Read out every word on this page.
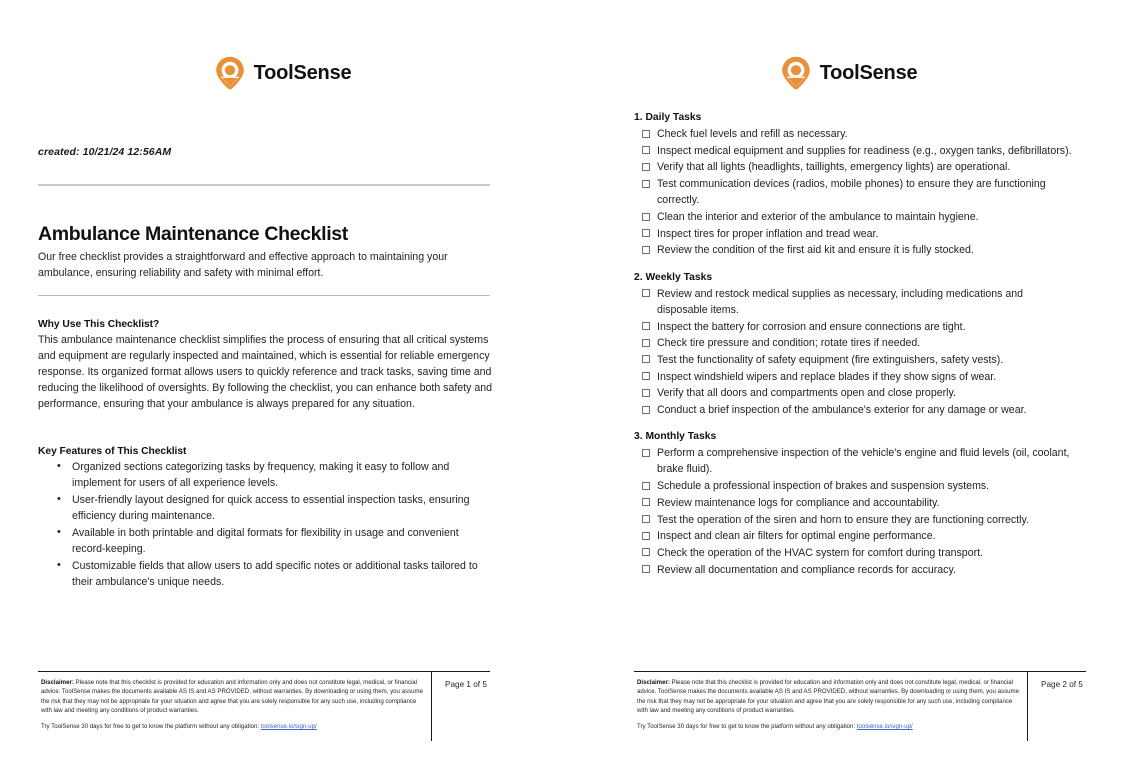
ToolSense
created: 10/21/24 12:56AM
Ambulance Maintenance Checklist

Our free checklist provides a straightforward and effective approach to maintaining your ambulance, ensuring reliability and safety with minimal effort.

Why Use This Checklist?

This ambulance maintenance checklist simplifies the process of ensuring that all critical systems and equipment are regularly inspected and maintained, which is essential for reliable emergency response. Its organized format allows users to quickly reference and track tasks, saving time and reducing the likelihood of oversights. By following the checklist, you can enhance both safety and performance, ensuring that your ambulance is always prepared for any situation.

Key Features of This Checklist
• Organized sections categorizing tasks by frequency, making it easy to follow and implement for users of all experience levels.
• User-friendly layout designed for quick access to essential inspection tasks, ensuring efficiency during maintenance.
• Available in both printable and digital formats for flexibility in usage and convenient record-keeping.
• Customizable fields that allow users to add specific notes or additional tasks tailored to their ambulance's unique needs.

Disclaimer: Please note that this checklist is provided for education and information only and does not constitute legal, medical, or financial advice. ToolSense makes the documents available AS IS and AS PROVIDED, without warranties. By downloading or using them, you assume the risk that they may not be appropriate for your situation and agree that you are solely responsible for any such use, including compliance with law and meeting any conditions of product warranties.

Try ToolSense 30 days for free to get to know the platform without any obligation: toolsense.io/sign-up/

Page 1 of 5
ToolSense
1. Daily Tasks
Check fuel levels and refill as necessary.
Inspect medical equipment and supplies for readiness (e.g., oxygen tanks, defibrillators).
Verify that all lights (headlights, taillights, emergency lights) are operational.
Test communication devices (radios, mobile phones) to ensure they are functioning correctly.
Clean the interior and exterior of the ambulance to maintain hygiene.
Inspect tires for proper inflation and tread wear.
Review the condition of the first aid kit and ensure it is fully stocked.
2. Weekly Tasks
Review and restock medical supplies as necessary, including medications and disposable items.
Inspect the battery for corrosion and ensure connections are tight.
Check tire pressure and condition; rotate tires if needed.
Test the functionality of safety equipment (fire extinguishers, safety vests).
Inspect windshield wipers and replace blades if they show signs of wear.
Verify that all doors and compartments open and close properly.
Conduct a brief inspection of the ambulance's exterior for any damage or wear.
3. Monthly Tasks
Perform a comprehensive inspection of the vehicle's engine and fluid levels (oil, coolant, brake fluid).
Schedule a professional inspection of brakes and suspension systems.
Review maintenance logs for compliance and accountability.
Test the operation of the siren and horn to ensure they are functioning correctly.
Inspect and clean air filters for optimal engine performance.
Check the operation of the HVAC system for comfort during transport.
Review all documentation and compliance records for accuracy.

Disclaimer: Please note that this checklist is provided for education and information only and does not constitute legal, medical, or financial advice. ToolSense makes the documents available AS IS and AS PROVIDED, without warranties. By downloading or using them, you assume the risk that they may not be appropriate for your situation and agree that you are solely responsible for any such use, including compliance with law and meeting any conditions of product warranties.

Try ToolSense 30 days for free to get to know the platform without any obligation: toolsense.io/sign-up/

Page 2 of 5
